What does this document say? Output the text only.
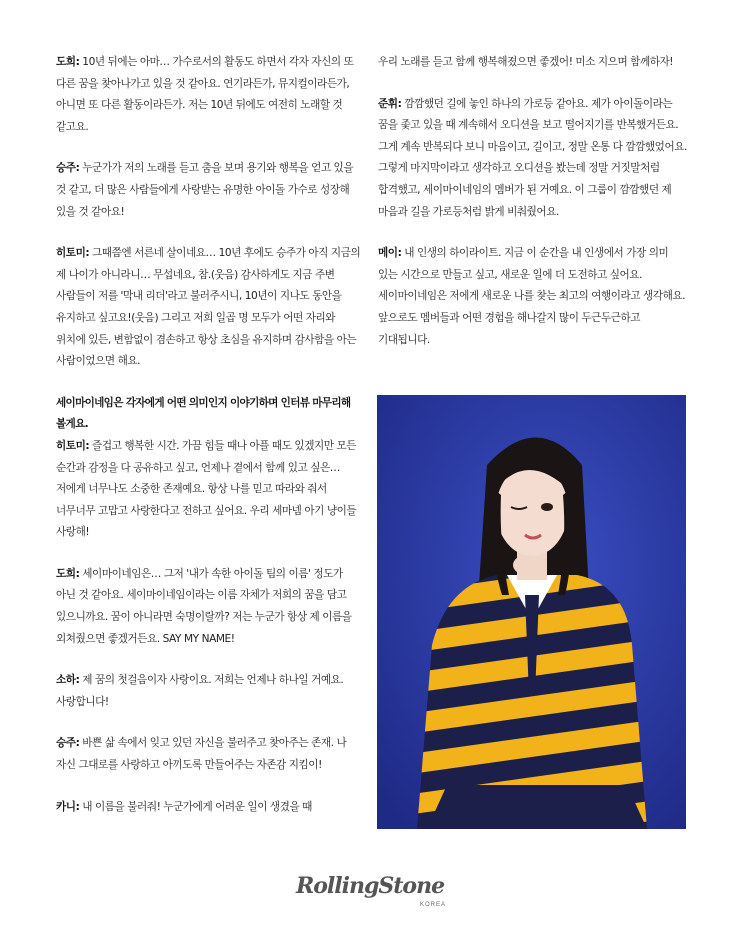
도희: 10년 뒤에는 아마… 가수로서의 활동도 하면서 각자 자신의 또 다른 꿈을 찾아나가고 있을 것 같아요. 연기라든가, 뮤지컬이라든가, 아니면 또 다른 활동이라든가. 저는 10년 뒤에도 여전히 노래할 것 같고요.

승주: 누군가가 저의 노래를 듣고 춤을 보며 용기와 행복을 얻고 있을 것 같고, 더 많은 사람들에게 사랑받는 유명한 아이돌 가수로 성장해 있을 것 같아요!

히토미: 그때쯤엔 서른네 살이네요… 10년 후에도 승주가 아직 지금의 제 나이가 아니라니… 무섭네요, 참.(웃음) 감사하게도 지금 주변 사람들이 저를 '막내 리더'라고 불러주시니, 10년이 지나도 동안을 유지하고 싶고요!(웃음) 그리고 저희 일곱 명 모두가 어떤 자리와 위치에 있든, 변함없이 겸손하고 항상 초심을 유지하며 감사함을 아는 사람이었으면 해요.

세이마이네임은 각자에게 어떤 의미인지 이야기하며 인터뷰 마무리해 볼게요.

히토미: 즐겁고 행복한 시간. 가끔 힘들 때나 아플 때도 있겠지만 모든 순간과 감정을 다 공유하고 싶고, 언제나 곁에서 함께 있고 싶은… 저에게 너무나도 소중한 존재예요. 항상 나를 믿고 따라와 줘서 너무너무 고맙고 사랑한다고 전하고 싶어요. 우리 세마넴 아기 냥이들 사랑해!

도희: 세이마이네임은… 그저 '내가 속한 아이돌 팀의 이름' 정도가 아닌 것 같아요. 세이마이네임이라는 이름 자체가 저희의 꿈을 담고 있으니까요. 꿈이 아니라면 숙명이랄까? 저는 누군가 항상 제 이름을 외쳐줬으면 좋겠거든요. SAY MY NAME!

소하: 제 꿈의 첫걸음이자 사랑이요. 저희는 언제나 하나일 거예요. 사랑합니다!

승주: 바쁜 삶 속에서 잊고 있던 자신을 불러주고 찾아주는 존재. 나 자신 그대로를 사랑하고 아끼도록 만들어주는 자존감 지킴이!

카니: 내 이름을 불러줘! 누군가에게 어려운 일이 생겼을 때

우리 노래를 듣고 함께 행복해졌으면 좋겠어! 미소 지으며 함께하자!

준휘: 깜깜했던 길에 놓인 하나의 가로등 같아요. 제가 아이돌이라는 꿈을 좇고 있을 때 계속해서 오디션을 보고 떨어지기를 반복했거든요. 그게 계속 반복되다 보니 마음이고, 길이고, 정말 온통 다 깜깜했었어요. 그렇게 마지막이라고 생각하고 오디션을 봤는데 정말 거짓말처럼 합격했고, 세이마이네임의 멤버가 된 거예요. 이 그룹이 깜깜했던 제 마음과 길을 가로등처럼 밝게 비춰줬어요.

메이: 내 인생의 하이라이트. 지금 이 순간을 내 인생에서 가장 의미 있는 시간으로 만들고 싶고, 새로운 일에 더 도전하고 싶어요. 세이마이네임은 저에게 새로운 나를 찾는 최고의 여행이라고 생각해요. 앞으로도 멤버들과 어떤 경험을 해나갈지 많이 두근두근하고 기대됩니다.

RollingStone
KOREA
